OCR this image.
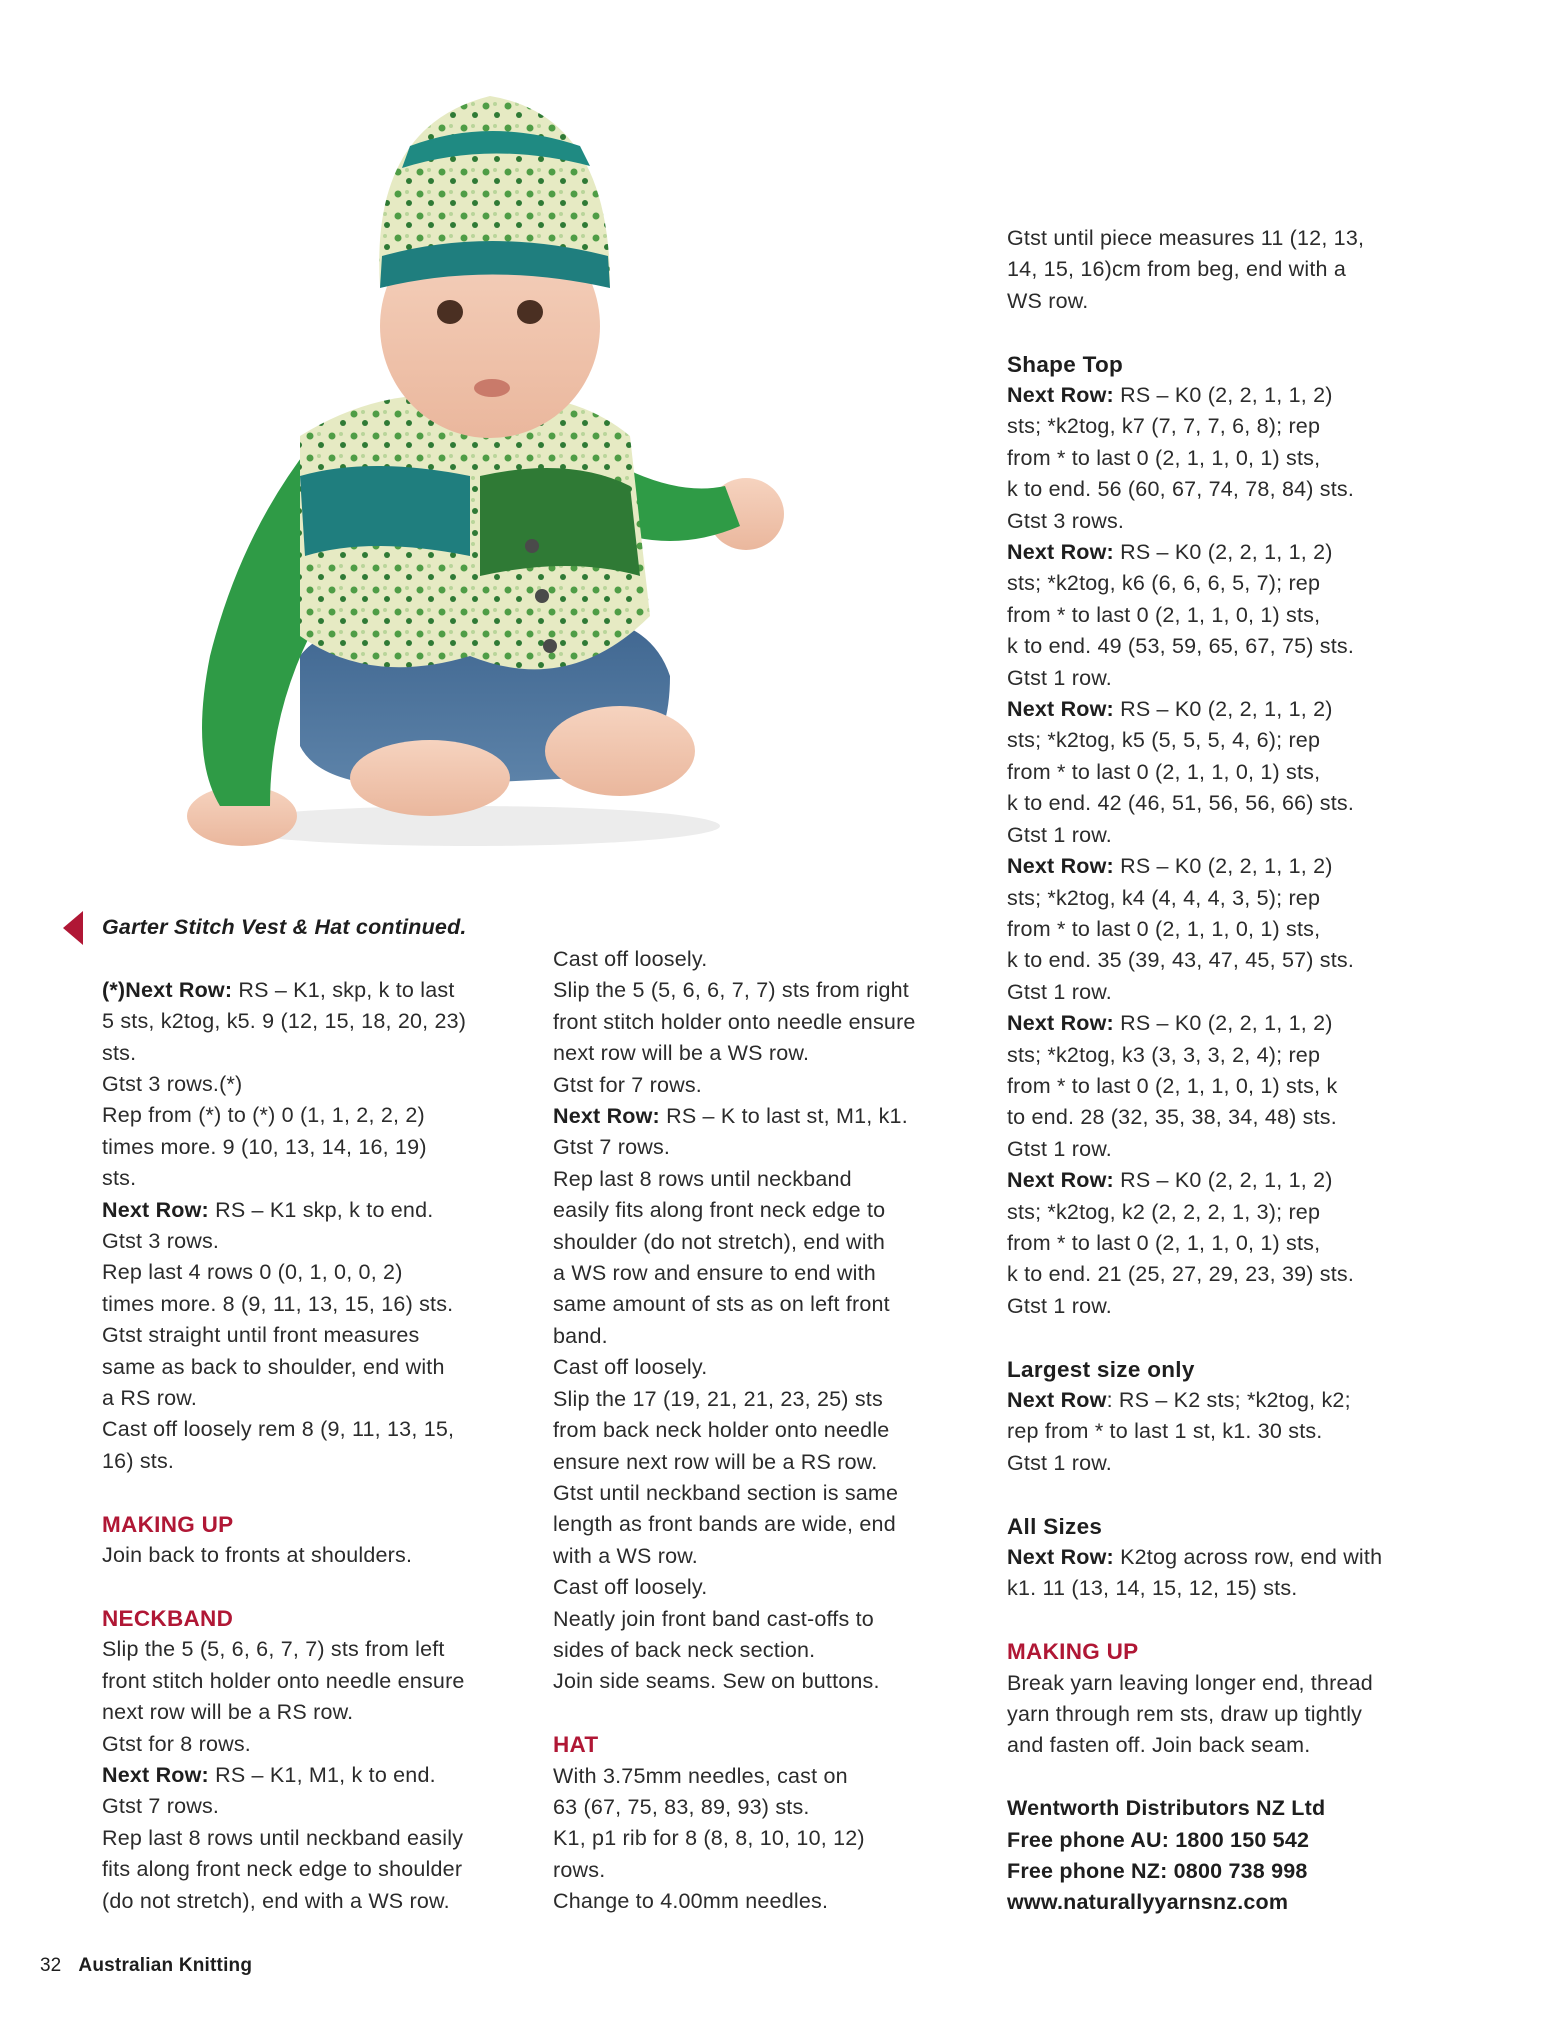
Garter Stitch Vest & Hat continued.

(*)Next Row: RS – K1, skp, k to last

5 sts, k2tog, k5. 9 (12, 15, 18, 20, 23)

sts.

Gtst 3 rows.(*)

Rep from (*) to (*) 0 (1, 1, 2, 2, 2)

times more. 9 (10, 13, 14, 16, 19)

sts.

Next Row: RS – K1 skp, k to end.

Gtst 3 rows.

Rep last 4 rows 0 (0, 1, 0, 0, 2)

times more. 8 (9, 11, 13, 15, 16) sts.

Gtst straight until front measures

same as back to shoulder, end with

a RS row.

Cast off loosely rem 8 (9, 11, 13, 15,

16) sts.

MAKING UP

Join back to fronts at shoulders.

NECKBAND

Slip the 5 (5, 6, 6, 7, 7) sts from left

front stitch holder onto needle ensure

next row will be a RS row.

Gtst for 8 rows.

Next Row: RS – K1, M1, k to end.

Gtst 7 rows.

Rep last 8 rows until neckband easily

fits along front neck edge to shoulder

(do not stretch), end with a WS row.

Cast off loosely.

Slip the 5 (5, 6, 6, 7, 7) sts from right

front stitch holder onto needle ensure

next row will be a WS row.

Gtst for 7 rows.

Next Row: RS – K to last st, M1, k1.

Gtst 7 rows.

Rep last 8 rows until neckband

easily fits along front neck edge to

shoulder (do not stretch), end with

a WS row and ensure to end with

same amount of sts as on left front

band.

Cast off loosely.

Slip the 17 (19, 21, 21, 23, 25) sts

from back neck holder onto needle

ensure next row will be a RS row.

Gtst until neckband section is same

length as front bands are wide, end

with a WS row.

Cast off loosely.

Neatly join front band cast-offs to

sides of back neck section.

Join side seams. Sew on buttons.

HAT

With 3.75mm needles, cast on

63 (67, 75, 83, 89, 93) sts.

K1, p1 rib for 8 (8, 8, 10, 10, 12)

rows.

Change to 4.00mm needles.

Gtst until piece measures 11 (12, 13,

14, 15, 16)cm from beg, end with a

WS row.

Shape Top

Next Row: RS – K0 (2, 2, 1, 1, 2)

sts; *k2tog, k7 (7, 7, 7, 6, 8); rep

from * to last 0 (2, 1, 1, 0, 1) sts,

k to end. 56 (60, 67, 74, 78, 84) sts.

Gtst 3 rows.

Next Row: RS – K0 (2, 2, 1, 1, 2)

sts; *k2tog, k6 (6, 6, 6, 5, 7); rep

from * to last 0 (2, 1, 1, 0, 1) sts,

k to end. 49 (53, 59, 65, 67, 75) sts.

Gtst 1 row.

Next Row: RS – K0 (2, 2, 1, 1, 2)

sts; *k2tog, k5 (5, 5, 5, 4, 6); rep

from * to last 0 (2, 1, 1, 0, 1) sts,

k to end. 42 (46, 51, 56, 56, 66) sts.

Gtst 1 row.

Next Row: RS – K0 (2, 2, 1, 1, 2)

sts; *k2tog, k4 (4, 4, 4, 3, 5); rep

from * to last 0 (2, 1, 1, 0, 1) sts,

k to end. 35 (39, 43, 47, 45, 57) sts.

Gtst 1 row.

Next Row: RS – K0 (2, 2, 1, 1, 2)

sts; *k2tog, k3 (3, 3, 3, 2, 4); rep

from * to last 0 (2, 1, 1, 0, 1) sts, k

to end. 28 (32, 35, 38, 34, 48) sts.

Gtst 1 row.

Next Row: RS – K0 (2, 2, 1, 1, 2)

sts; *k2tog, k2 (2, 2, 2, 1, 3); rep

from * to last 0 (2, 1, 1, 0, 1) sts,

k to end. 21 (25, 27, 29, 23, 39) sts.

Gtst 1 row.

Largest size only

Next Row: RS – K2 sts; *k2tog, k2;

rep from * to last 1 st, k1. 30 sts.

Gtst 1 row.

All Sizes

Next Row: K2tog across row, end with

k1. 11 (13, 14, 15, 12, 15) sts.

MAKING UP

Break yarn leaving longer end, thread

yarn through rem sts, draw up tightly

and fasten off. Join back seam.

Wentworth Distributors NZ Ltd

Free phone AU: 1800 150 542

Free phone NZ: 0800 738 998

www.naturallyyarnsnz.com

32 Australian Knitting
